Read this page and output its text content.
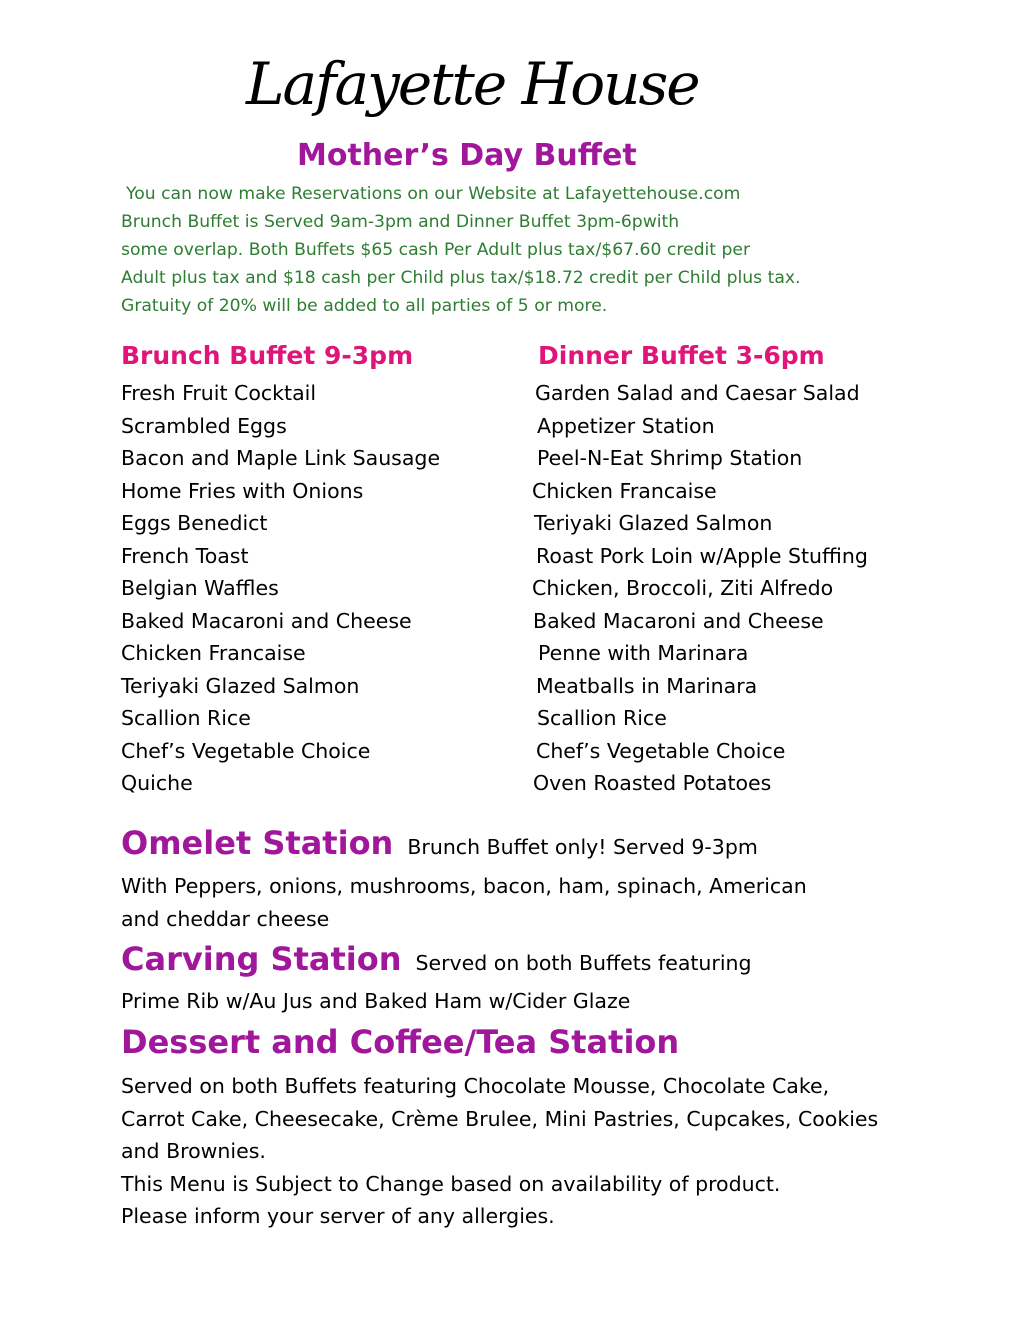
Lafayette House
Mother’s Day Buffet
You can now make Reservations on our Website at Lafayettehouse.com
Brunch Buffet is Served 9am-3pm and Dinner Buffet 3pm-6pwith
some overlap. Both Buffets $65 cash Per Adult plus tax/$67.60 credit per
Adult plus tax and $18 cash per Child plus tax/$18.72 credit per Child plus tax.
Gratuity of 20% will be added to all parties of 5 or more.
Brunch Buffet 9-3pm	Dinner Buffet 3-6pm
Fresh Fruit Cocktail
Scrambled Eggs
Bacon and Maple Link Sausage
Home Fries with Onions
Eggs Benedict
French Toast
Belgian Waffles
Baked Macaroni and Cheese
Chicken Francaise
Teriyaki Glazed Salmon
Scallion Rice
Chef’s Vegetable Choice
Quiche
Garden Salad and Caesar Salad
Appetizer Station
Peel-N-Eat Shrimp Station
Chicken Francaise
Teriyaki Glazed Salmon
Roast Pork Loin w/Apple Stuffing
Chicken, Broccoli, Ziti Alfredo
Baked Macaroni and Cheese
Penne with Marinara
Meatballs in Marinara
Scallion Rice
Chef’s Vegetable Choice
Oven Roasted Potatoes
Omelet Station Brunch Buffet only! Served 9-3pm
With Peppers, onions, mushrooms, bacon, ham, spinach, American
and cheddar cheese
Carving Station Served on both Buffets featuring
Prime Rib w/Au Jus and Baked Ham w/Cider Glaze
Dessert and Coffee/Tea Station
Served on both Buffets featuring Chocolate Mousse, Chocolate Cake,
Carrot Cake, Cheesecake, Crème Brulee, Mini Pastries, Cupcakes, Cookies
and Brownies.
This Menu is Subject to Change based on availability of product.
Please inform your server of any allergies.
